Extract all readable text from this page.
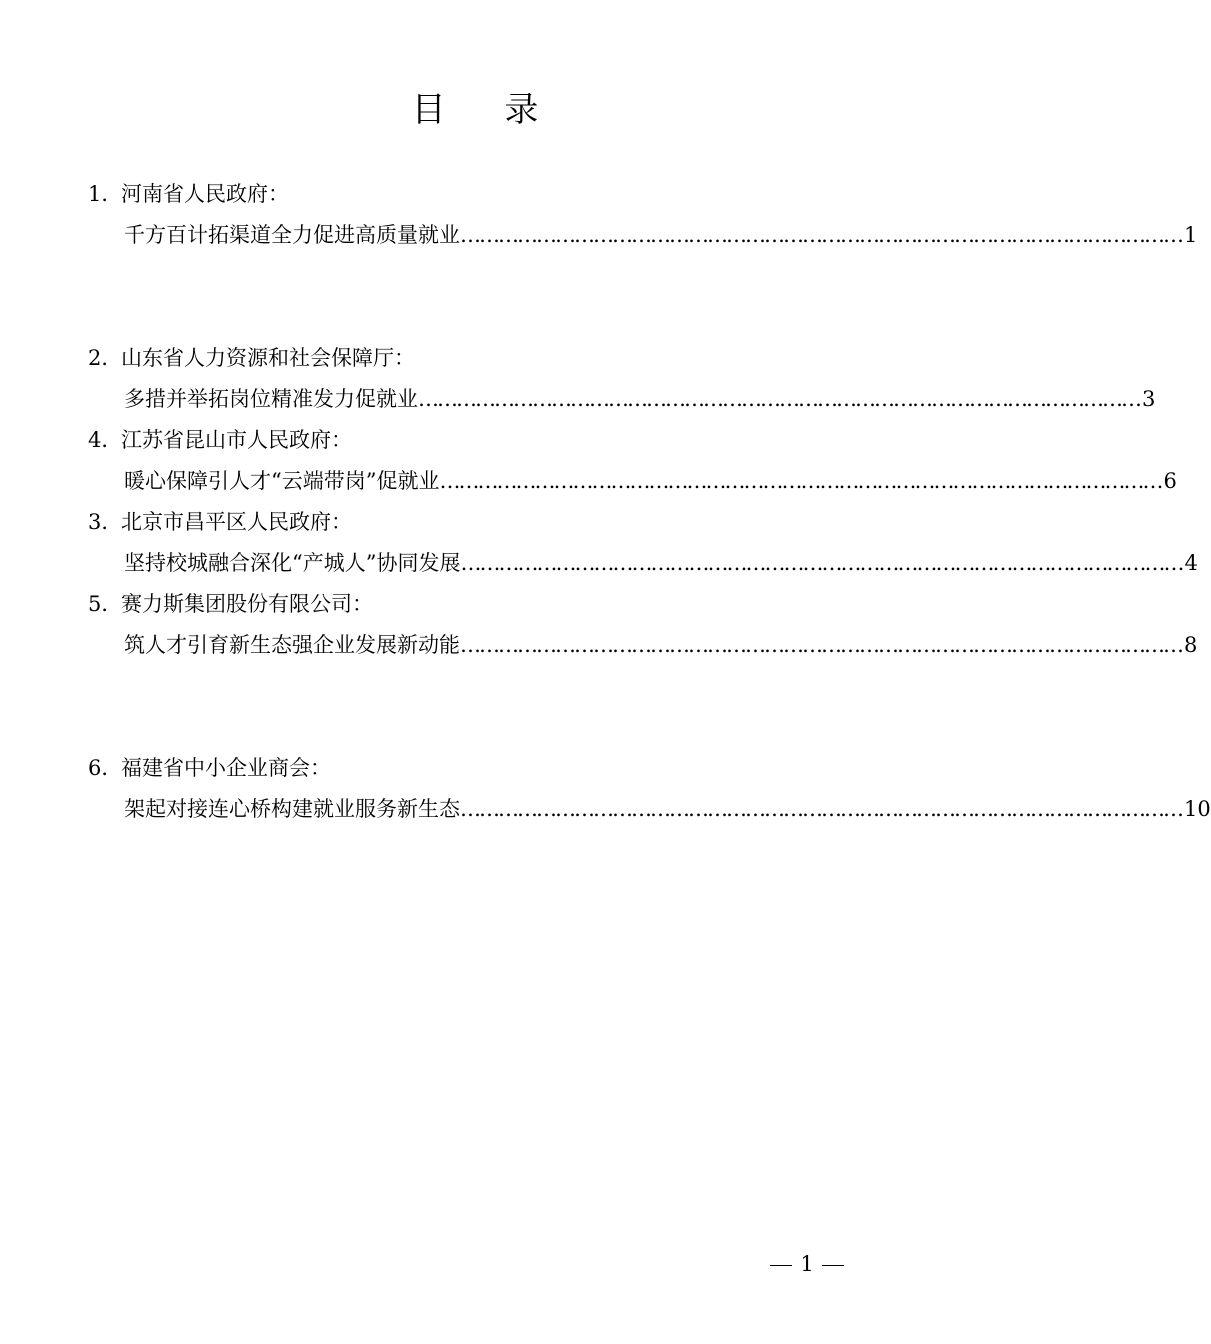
目 录
1．河南省人民政府：
千方百计拓渠道全力促进高质量就业 …………………………………………………………………………………………………… 1
2．山东省人力资源和社会保障厅：
多措并举拓岗位精准发力促就业 …………………………………………………………………………………………………… 3
3．北京市昌平区人民政府：
坚持校城融合深化“产城人”协同发展 …………………………………………………………………………………………………… 4
4．江苏省昆山市人民政府：
暖心保障引人才“云端带岗”促就业 …………………………………………………………………………………………………… 6
5．赛力斯集团股份有限公司：
筑人才引育新生态强企业发展新动能 …………………………………………………………………………………………………… 8
6．福建省中小企业商会：
架起对接连心桥构建就业服务新生态 …………………………………………………………………………………………………… 10
1
